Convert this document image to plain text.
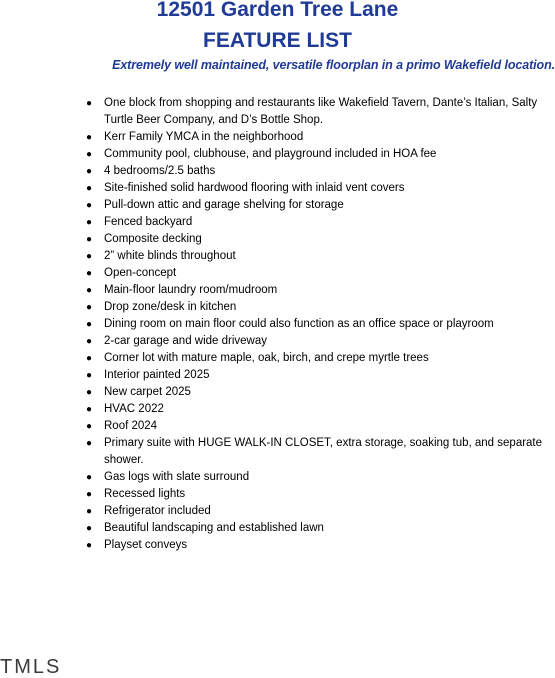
12501 Garden Tree Lane
FEATURE LIST

Extremely well maintained, versatile floorplan in a primo Wakefield location.

● One block from shopping and restaurants like Wakefield Tavern, Dante’s Italian, Salty Turtle Beer Company, and D’s Bottle Shop.
● Kerr Family YMCA in the neighborhood
● Community pool, clubhouse, and playground included in HOA fee
● 4 bedrooms/2.5 baths
● Site-finished solid hardwood flooring with inlaid vent covers
● Pull-down attic and garage shelving for storage
● Fenced backyard
● Composite decking
● 2” white blinds throughout
● Open-concept
● Main-floor laundry room/mudroom
● Drop zone/desk in kitchen
● Dining room on main floor could also function as an office space or playroom
● 2-car garage and wide driveway
● Corner lot with mature maple, oak, birch, and crepe myrtle trees
● Interior painted 2025
● New carpet 2025
● HVAC 2022
● Roof 2024
● Primary suite with HUGE WALK-IN CLOSET, extra storage, soaking tub, and separate shower.
● Gas logs with slate surround
● Recessed lights
● Refrigerator included
● Beautiful landscaping and established lawn
● Playset conveys
TMLS
